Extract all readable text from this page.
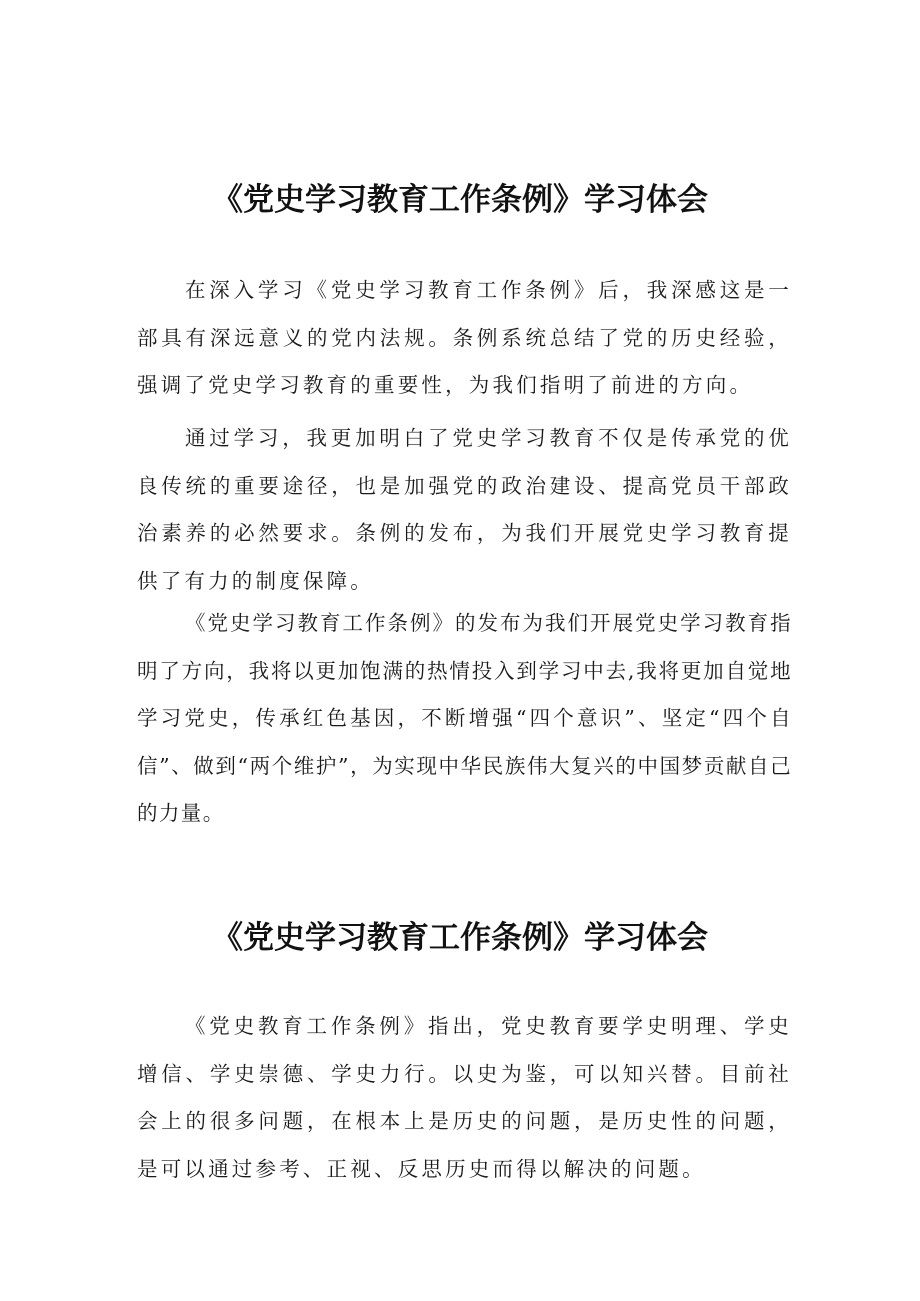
《党史学习教育工作条例》学习体会

在深入学习《党史学习教育工作条例》后，我深感这是一部具有深远意义的党内法规。条例系统总结了党的历史经验，强调了党史学习教育的重要性，为我们指明了前进的方向。

通过学习，我更加明白了党史学习教育不仅是传承党的优良传统的重要途径，也是加强党的政治建设、提高党员干部政治素养的必然要求。条例的发布，为我们开展党史学习教育提供了有力的制度保障。

《党史学习教育工作条例》的发布为我们开展党史学习教育指明了方向，我将以更加饱满的热情投入到学习中去,我将更加自觉地学习党史，传承红色基因，不断增强“四个意识”、坚定“四个自信”、做到“两个维护”，为实现中华民族伟大复兴的中国梦贡献自己的力量。

《党史学习教育工作条例》学习体会

《党史教育工作条例》指出，党史教育要学史明理、学史增信、学史崇德、学史力行。以史为鉴，可以知兴替。目前社会上的很多问题，在根本上是历史的问题，是历史性的问题，是可以通过参考、正视、反思历史而得以解决的问题。
